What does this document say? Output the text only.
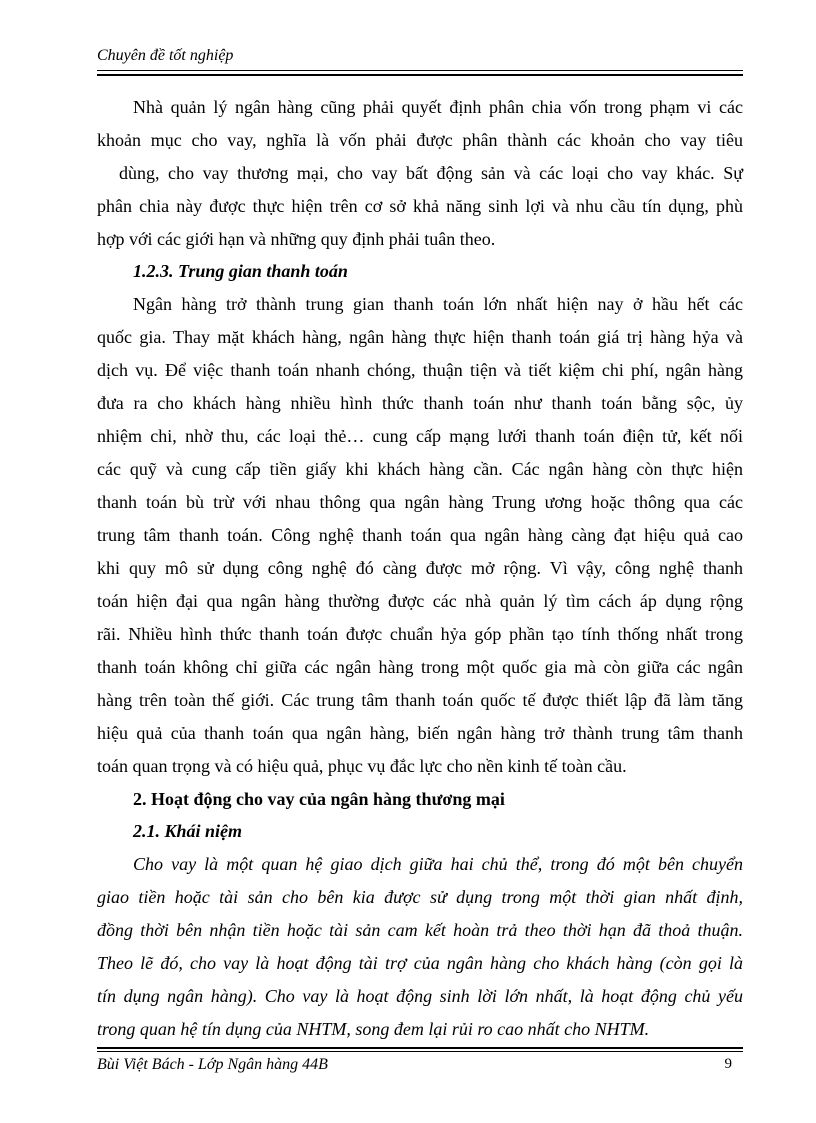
Chuyên đề tốt nghiệp
Nhà quản lý ngân hàng cũng phải quyết định phân chia vốn trong phạm vi các
khoản mục cho vay, nghĩa là vốn phải được phân thành các khoản cho vay tiêu
dùng, cho vay thương mại, cho vay bất động sản và các loại cho vay khác. Sự
phân chia này được thực hiện trên cơ sở khả năng sinh lợi và nhu cầu tín dụng, phù
hợp với các giới hạn và những quy định phải tuân theo.
1.2.3. Trung gian thanh toán
Ngân hàng trở thành trung gian thanh toán lớn nhất hiện nay ở hầu hết các
quốc gia. Thay mặt khách hàng, ngân hàng thực hiện thanh toán giá trị hàng hỷa và
dịch vụ. Để việc thanh toán nhanh chóng, thuận tiện và tiết kiệm chi phí, ngân hàng
đưa ra cho khách hàng nhiều hình thức thanh toán như thanh toán bằng sộc, ủy
nhiệm chi, nhờ thu, các loại thẻ… cung cấp mạng lưới thanh toán điện tử, kết nối
các quỹ và cung cấp tiền giấy khi khách hàng cần. Các ngân hàng còn thực hiện
thanh toán bù trừ với nhau thông qua ngân hàng Trung ương hoặc thông qua các
trung tâm thanh toán. Công nghệ thanh toán qua ngân hàng càng đạt hiệu quả cao
khi quy mô sử dụng công nghệ đó càng được mở rộng. Vì vậy, công nghệ thanh
toán hiện đại qua ngân hàng thường được các nhà quản lý tìm cách áp dụng rộng
rãi. Nhiều hình thức thanh toán được chuẩn hỷa góp phần tạo tính thống nhất trong
thanh toán không chỉ giữa các ngân hàng trong một quốc gia mà còn giữa các ngân
hàng trên toàn thế giới. Các trung tâm thanh toán quốc tế được thiết lập đã làm tăng
hiệu quả của thanh toán qua ngân hàng, biến ngân hàng trở thành trung tâm thanh
toán quan trọng và có hiệu quả, phục vụ đắc lực cho nền kinh tế toàn cầu.
2. Hoạt động cho vay của ngân hàng thương mại
2.1. Khái niệm
Cho vay là một quan hệ giao dịch giữa hai chủ thể, trong đó một bên chuyển
giao tiền hoặc tài sản cho bên kia được sử dụng trong một thời gian nhất định,
đồng thời bên nhận tiền hoặc tài sản cam kết hoàn trả theo thời hạn đã thoả thuận.
Theo lẽ đó, cho vay là hoạt động tài trợ của ngân hàng cho khách hàng (còn gọi là
tín dụng ngân hàng). Cho vay là hoạt động sinh lời lớn nhất, là hoạt động chủ yếu
trong quan hệ tín dụng của NHTM, song đem lại rủi ro cao nhất cho NHTM.
Bùi Việt Bách - Lớp Ngân hàng 44B	9
